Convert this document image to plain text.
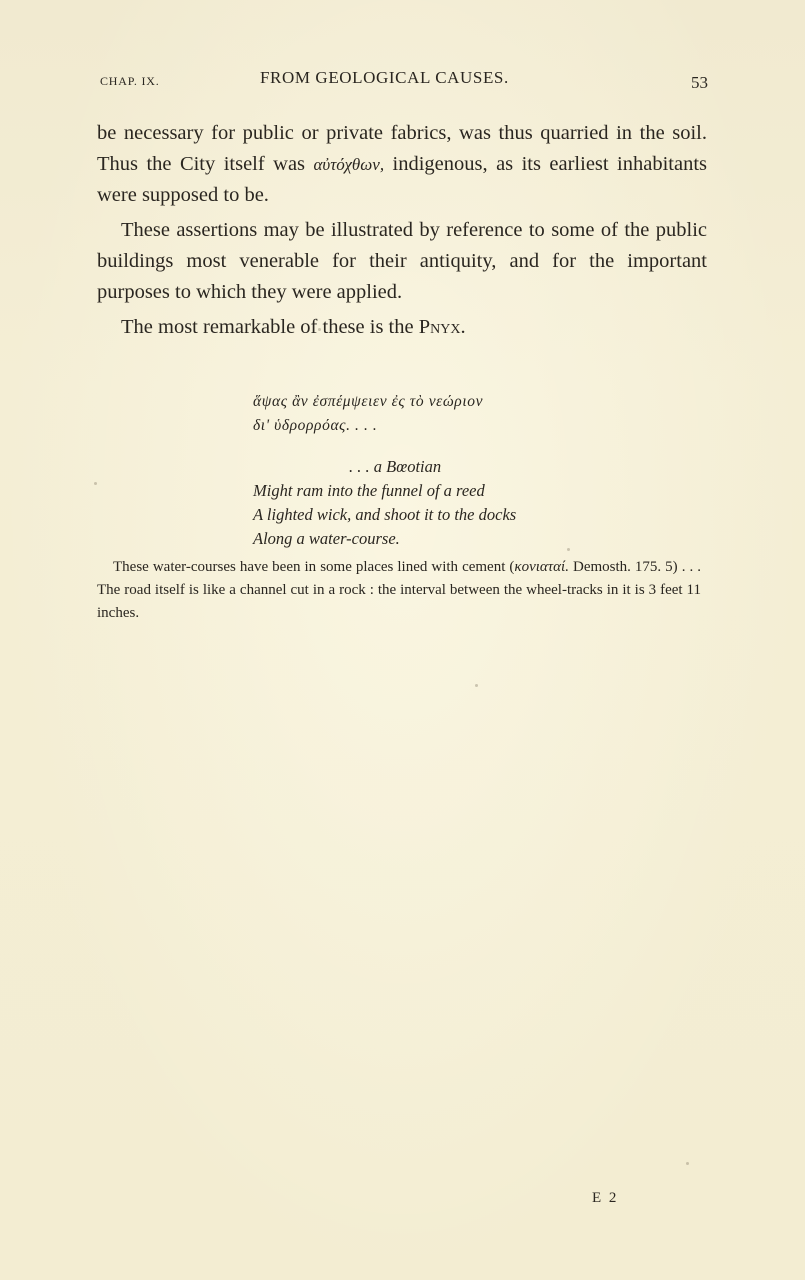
CHAP. IX.	FROM GEOLOGICAL CAUSES.	53

be necessary for public or private fabrics, was thus quarried in the soil. Thus the City itself was αὐτόχθων, indigenous, as its earliest inhabitants were supposed to be.

These assertions may be illustrated by reference to some of the public buildings most venerable for their antiquity, and for the important purposes to which they were applied.

The most remarkable of these is the Pnyx.

ἅψας ἂν ἐσπέμψειεν ἐς τὸ νεώριον
δι' ὑδρορρόας. . . .
. . . a Bœotian
Might ram into the funnel of a reed
A lighted wick, and shoot it to the docks
Along a water-course.

These water-courses have been in some places lined with cement (κονιαταί. Demosth. 175. 5) . . . The road itself is like a channel cut in a rock : the interval between the wheel-tracks in it is 3 feet 11 inches.

E 2
